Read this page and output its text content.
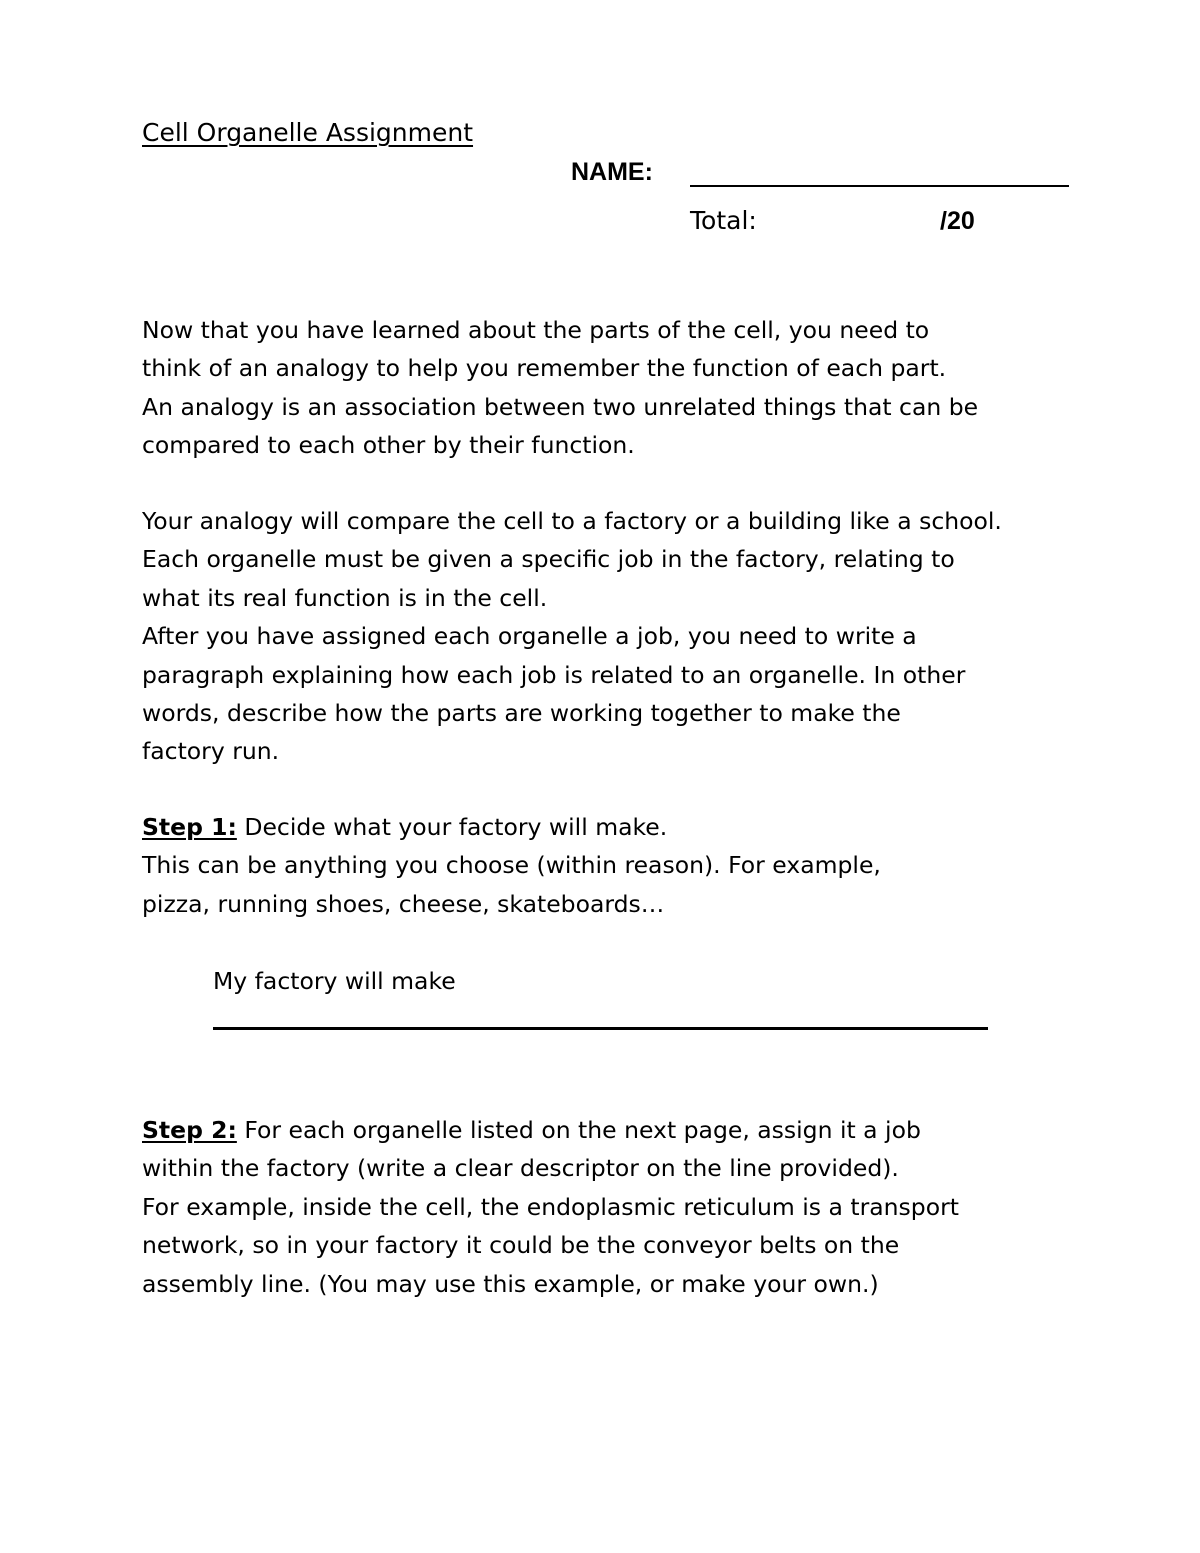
Cell Organelle Assignment
NAME:
Total:	/20
Now that you have learned about the parts of the cell, you need to
think of an analogy to help you remember the function of each part.
An analogy is an association between two unrelated things that can be
compared to each other by their function.
Your analogy will compare the cell to a factory or a building like a school.
Each organelle must be given a specific job in the factory, relating to
what its real function is in the cell.
After you have assigned each organelle a job, you need to write a
paragraph explaining how each job is related to an organelle. In other
words, describe how the parts are working together to make the
factory run.
Step 1: Decide what your factory will make.
This can be anything you choose (within reason). For example,
pizza, running shoes, cheese, skateboards…
My factory will make
Step 2: For each organelle listed on the next page, assign it a job
within the factory (write a clear descriptor on the line provided).
For example, inside the cell, the endoplasmic reticulum is a transport
network, so in your factory it could be the conveyor belts on the
assembly line. (You may use this example, or make your own.)
